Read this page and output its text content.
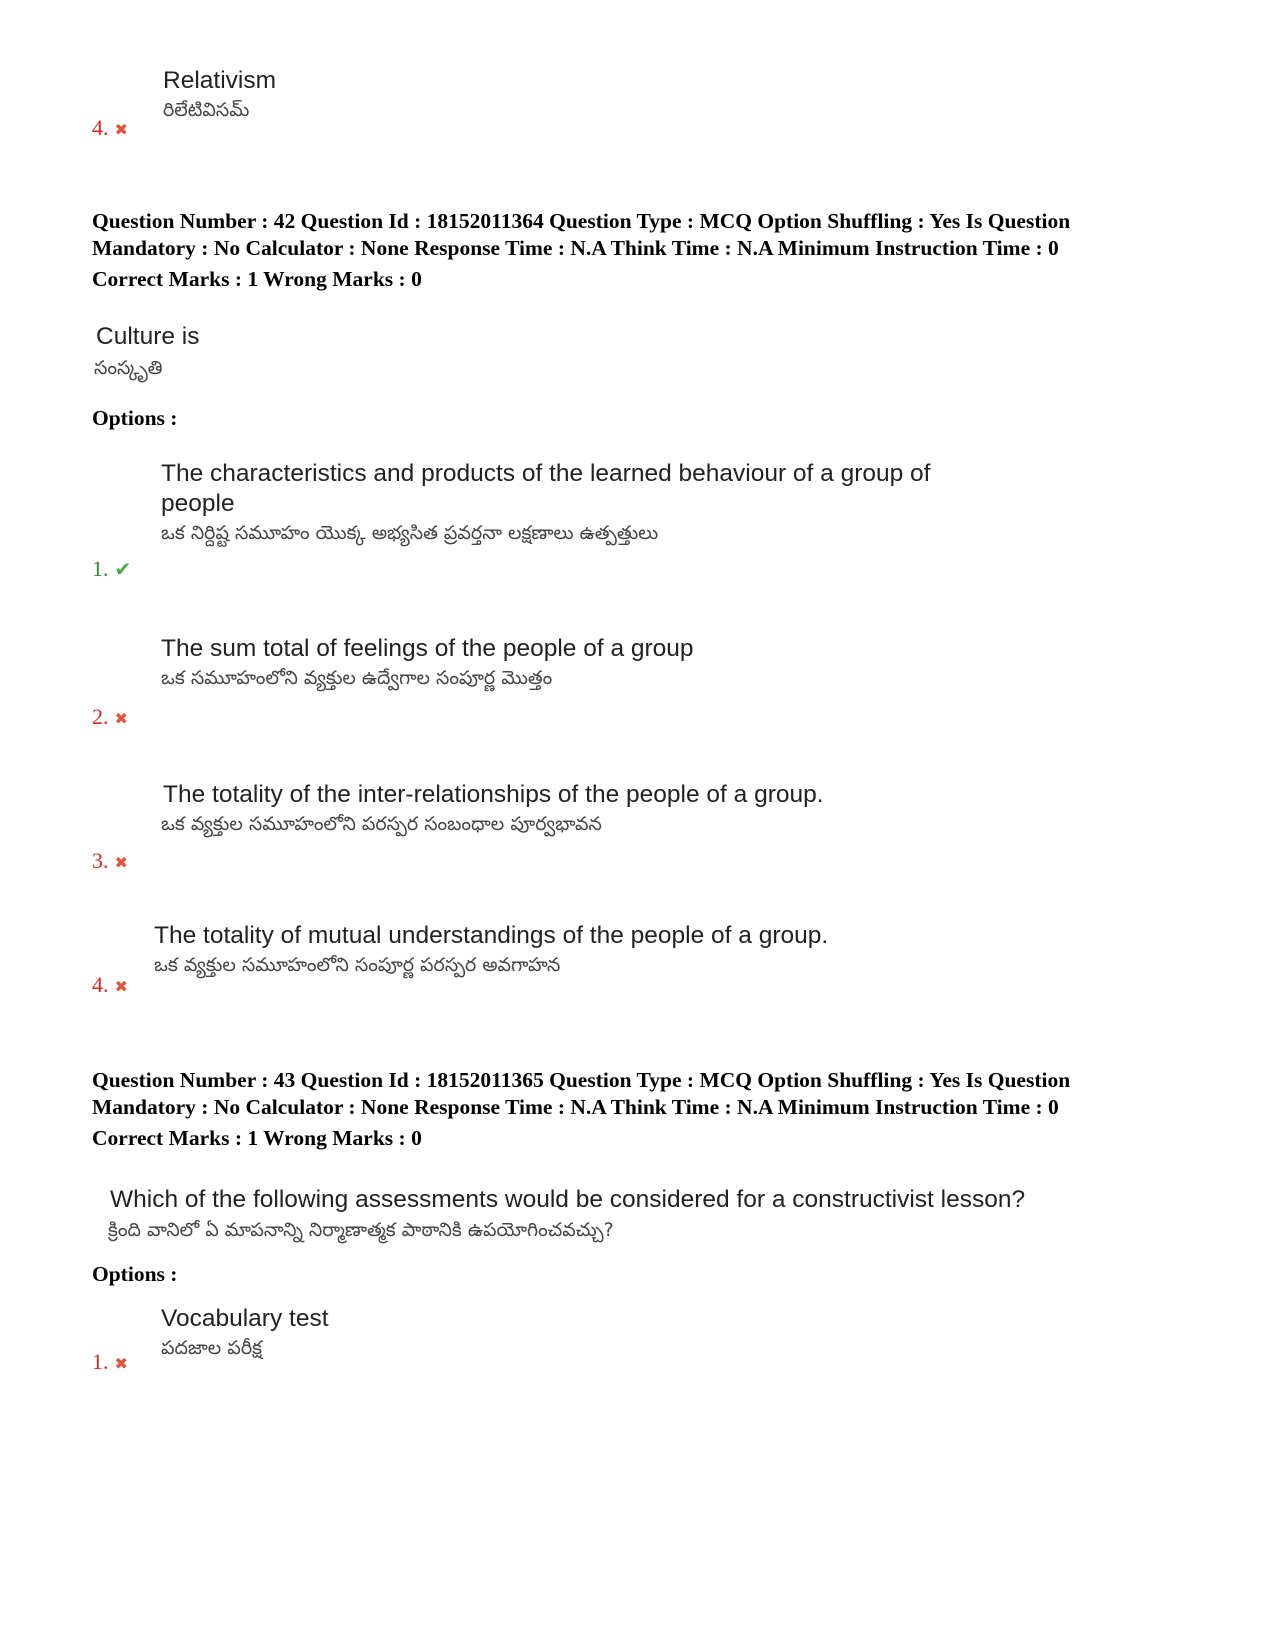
Relativism
రిలేటివిసమ్
4. ✖
Question Number : 42 Question Id : 18152011364 Question Type : MCQ Option Shuffling : Yes Is Question
Mandatory : No Calculator : None Response Time : N.A Think Time : N.A Minimum Instruction Time : 0
Correct Marks : 1 Wrong Marks : 0
Culture is
సంస్కృతి
Options :
The characteristics and products of the learned behaviour of a group of
people
ఒక నిర్దిష్ట సమూహం యొక్క అభ్యసిత ప్రవర్తనా లక్షణాలు ఉత్పత్తులు
1. ✔
The sum total of feelings of the people of a group
ఒక సమూహంలోని వ్యక్తుల ఉద్వేగాల సంపూర్ణ మొత్తం
2. ✖
The totality of the inter-relationships of the people of a group.
ఒక వ్యక్తుల సమూహంలోని పరస్పర సంబంధాల పూర్వభావన
3. ✖
The totality of mutual understandings of the people of a group.
ఒక వ్యక్తుల సమూహంలోని సంపూర్ణ పరస్పర అవగాహన
4. ✖
Question Number : 43 Question Id : 18152011365 Question Type : MCQ Option Shuffling : Yes Is Question
Mandatory : No Calculator : None Response Time : N.A Think Time : N.A Minimum Instruction Time : 0
Correct Marks : 1 Wrong Marks : 0
Which of the following assessments would be considered for a constructivist lesson?
క్రింది వానిలో ఏ మాపనాన్ని నిర్మాణాత్మక పాఠానికి ఉపయోగించవచ్చు?
Options :
Vocabulary test
పదజాల పరీక్ష
1. ✖
